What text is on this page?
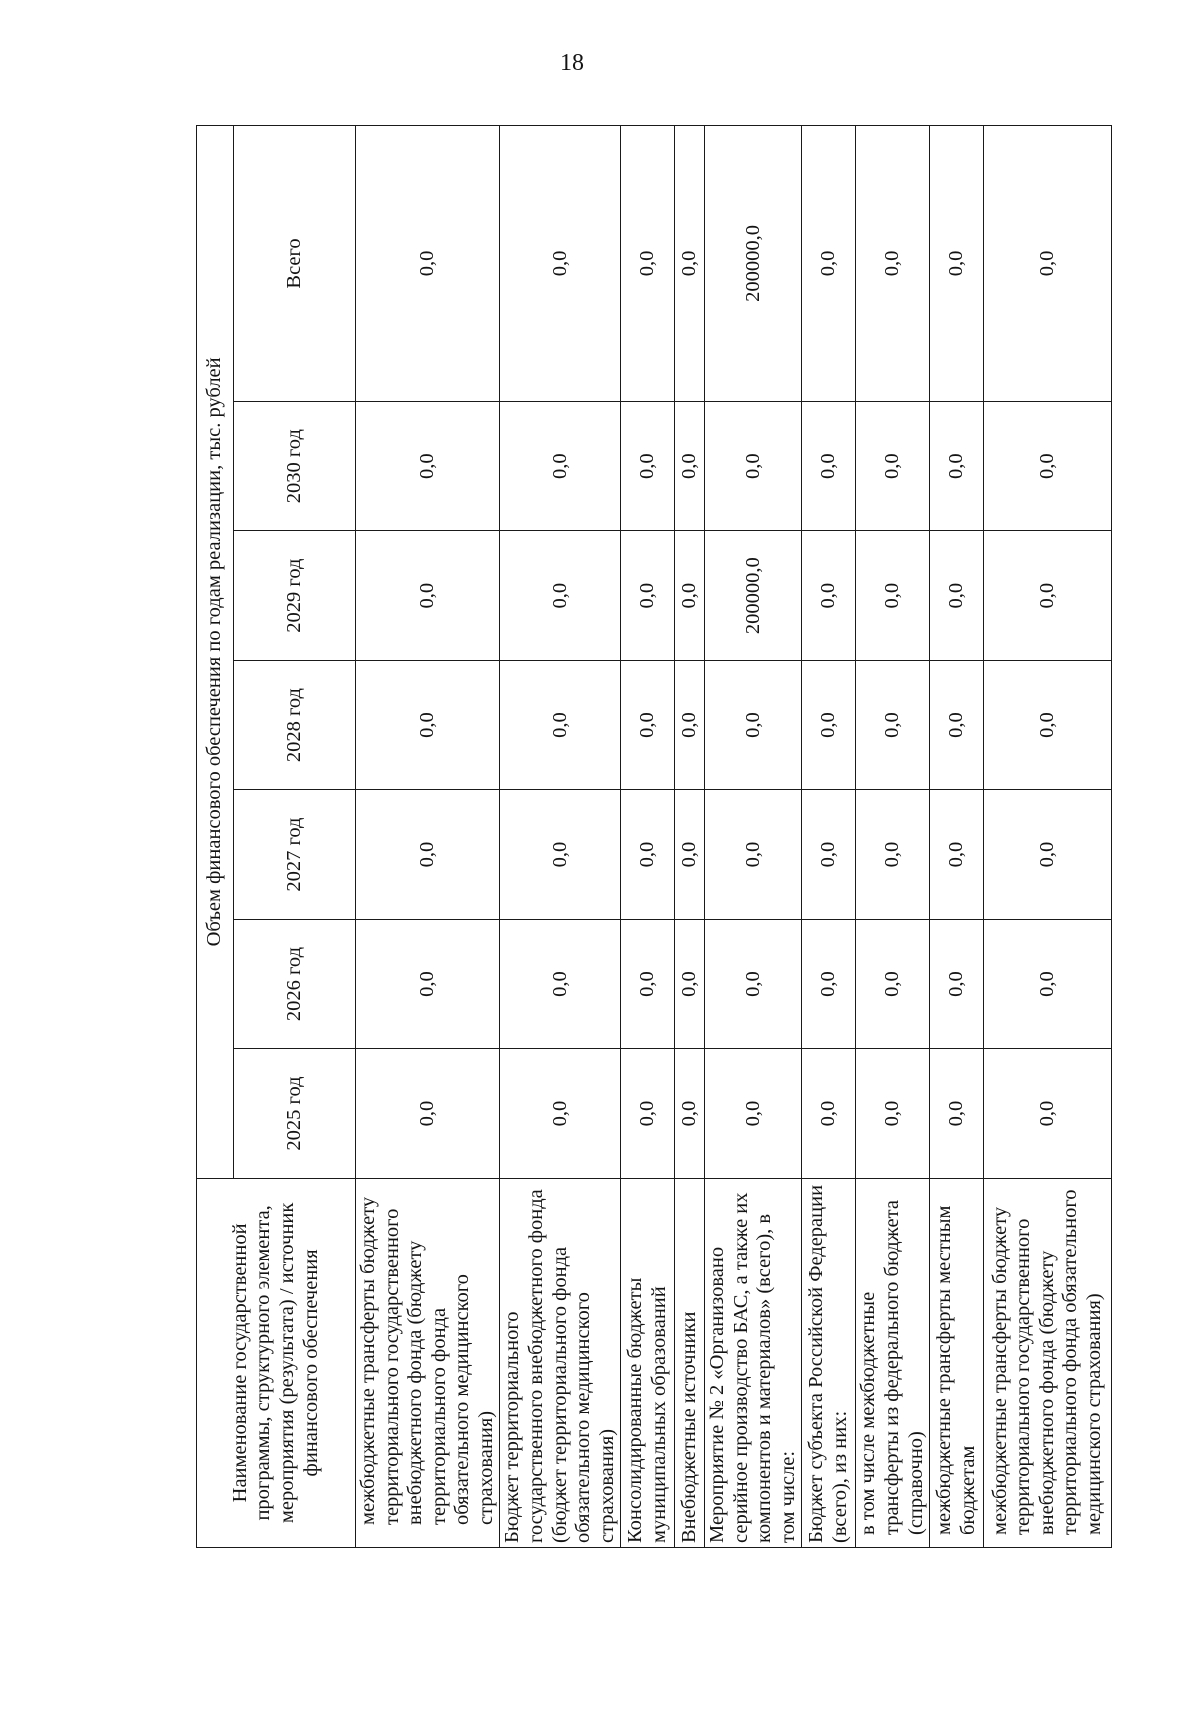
18
Наименование государственной программы, структурного элемента, мероприятия (результата) / источник финансового обеспечения	Объем финансового обеспечения по годам реализации, тыс. рублей						
	2025 год	2026 год	2027 год	2028 год	2029 год	2030 год	Всего
межбюджетные трансферты бюджету территориального государственного внебюджетного фонда (бюджету территориального фонда обязательного медицинского страхования)	0,0	0,0	0,0	0,0	0,0	0,0	0,0
Бюджет территориального государственного внебюджетного фонда (бюджет территориального фонда обязательного медицинского страхования)	0,0	0,0	0,0	0,0	0,0	0,0	0,0
Консолидированные бюджеты муниципальных образований	0,0	0,0	0,0	0,0	0,0	0,0	0,0
Внебюджетные источники	0,0	0,0	0,0	0,0	0,0	0,0	0,0
Мероприятие № 2 «Организовано серийное производство БАС, а также их компонентов и материалов» (всего), в том числе:	0,0	0,0	0,0	0,0	200000,0	0,0	200000,0
Бюджет субъекта Российской Федерации (всего), из них:	0,0	0,0	0,0	0,0	0,0	0,0	0,0
в том числе межбюджетные трансферты из федерального бюджета (справочно)	0,0	0,0	0,0	0,0	0,0	0,0	0,0
межбюджетные трансферты местным бюджетам	0,0	0,0	0,0	0,0	0,0	0,0	0,0
межбюджетные трансферты бюджету территориального государственного внебюджетного фонда (бюджету территориального фонда обязательного медицинского страхования)	0,0	0,0	0,0	0,0	0,0	0,0	0,0
